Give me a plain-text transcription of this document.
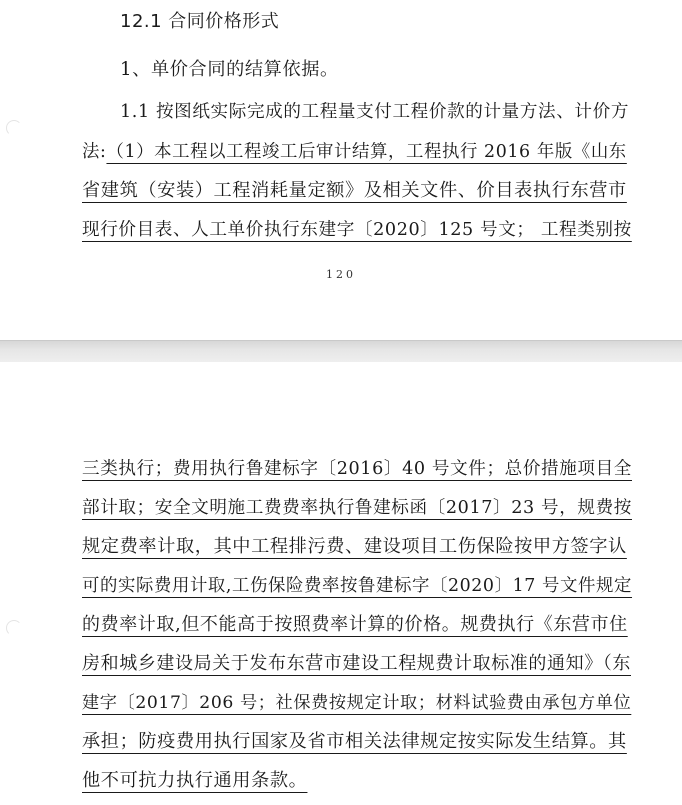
12.1 合同价格形式
1、单价合同的结算依据。
1.1 按图纸实际完成的工程量支付工程价款的计量方法、计价方
法:（1）本工程以工程竣工后审计结算，工程执行 2016 年版《山东
省建筑（安装）工程消耗量定额》及相关文件、价目表执行东营市
现行价目表、人工单价执行东建字〔2020〕125 号文； 工程类别按
120
三类执行；费用执行鲁建标字〔2016〕40 号文件；总价措施项目全
部计取；安全文明施工费费率执行鲁建标函〔2017〕23 号，规费按
规定费率计取，其中工程排污费、建设项目工伤保险按甲方签字认
可的实际费用计取,工伤保险费率按鲁建标字〔2020〕17 号文件规定
的费率计取,但不能高于按照费率计算的价格。规费执行《东营市住
房和城乡建设局关于发布东营市建设工程规费计取标准的通知》（东
建字〔2017〕206 号；社保费按规定计取；材料试验费由承包方单位
承担；防疫费用执行国家及省市相关法律规定按实际发生结算。其
他不可抗力执行通用条款。
